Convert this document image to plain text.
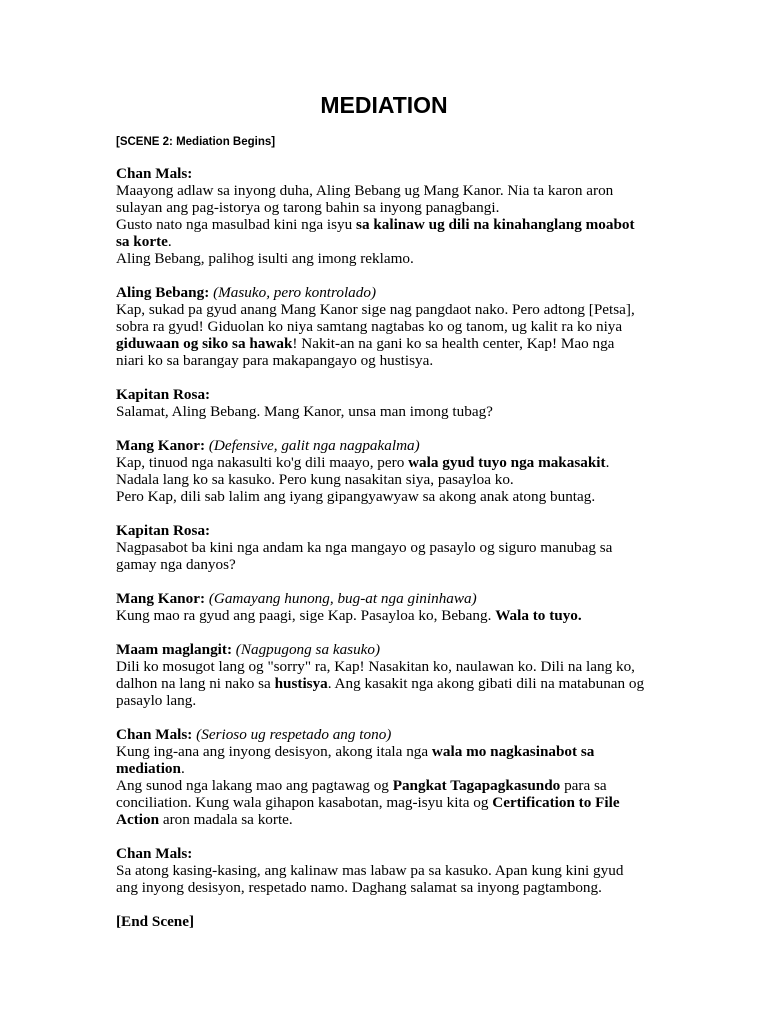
MEDIATION

[SCENE 2: Mediation Begins]

Chan Mals:

Maayong adlaw sa inyong duha, Aling Bebang ug Mang Kanor. Nia ta karon aron sulayan ang pag-istorya og tarong bahin sa inyong panagbangi.

Gusto nato nga masulbad kini nga isyu sa kalinaw ug dili na kinahanglang moabot sa korte.

Aling Bebang, palihog isulti ang imong reklamo.

Aling Bebang: (Masuko, pero kontrolado)

Kap, sukad pa gyud anang Mang Kanor sige nag pangdaot nako. Pero adtong [Petsa], sobra ra gyud! Giduolan ko niya samtang nagtabas ko og tanom, ug kalit ra ko niya giduwaan og siko sa hawak! Nakit-an na gani ko sa health center, Kap! Mao nga niari ko sa barangay para makapangayo og hustisya.

Kapitan Rosa:

Salamat, Aling Bebang. Mang Kanor, unsa man imong tubag?

Mang Kanor: (Defensive, galit nga nagpakalma)

Kap, tinuod nga nakasulti ko'g dili maayo, pero wala gyud tuyo nga makasakit.

Nadala lang ko sa kasuko. Pero kung nasakitan siya, pasayloa ko.

Pero Kap, dili sab lalim ang iyang gipangyawyaw sa akong anak atong buntag.

Kapitan Rosa:

Nagpasabot ba kini nga andam ka nga mangayo og pasaylo og siguro manubag sa gamay nga danyos?

Mang Kanor: (Gamayang hunong, bug-at nga gininhawa)

Kung mao ra gyud ang paagi, sige Kap. Pasayloa ko, Bebang. Wala to tuyo.

Maam maglangit: (Nagpugong sa kasuko)

Dili ko mosugot lang og "sorry" ra, Kap! Nasakitan ko, naulawan ko. Dili na lang ko, dalhon na lang ni nako sa hustisya. Ang kasakit nga akong gibati dili na matabunan og pasaylo lang.

Chan Mals: (Serioso ug respetado ang tono)

Kung ing-ana ang inyong desisyon, akong itala nga wala mo nagkasinabot sa mediation.

Ang sunod nga lakang mao ang pagtawag og Pangkat Tagapagkasundo para sa conciliation. Kung wala gihapon kasabotan, mag-isyu kita og Certification to File Action aron madala sa korte.

Chan Mals:

Sa atong kasing-kasing, ang kalinaw mas labaw pa sa kasuko. Apan kung kini gyud ang inyong desisyon, respetado namo. Daghang salamat sa inyong pagtambong.

[End Scene]
